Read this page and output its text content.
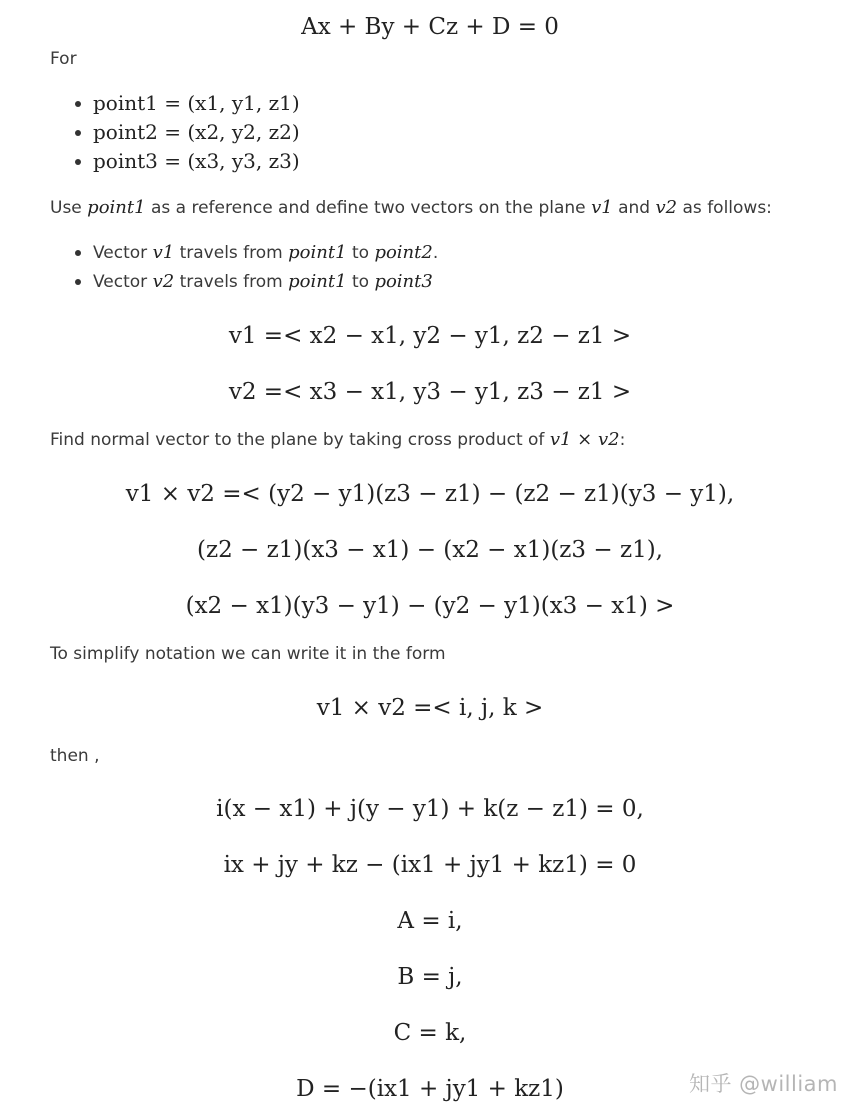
Ax + By + Cz + D = 0
For
point1 = (x1, y1, z1)
point2 = (x2, y2, z2)
point3 = (x3, y3, z3)
Use point1 as a reference and define two vectors on the plane v1 and v2 as follows:
Vector v1 travels from point1 to point2.
Vector v2 travels from point1 to point3
v1 =< x2 − x1, y2 − y1, z2 − z1 >
v2 =< x3 − x1, y3 − y1, z3 − z1 >
Find normal vector to the plane by taking cross product of v1 × v2:
v1 × v2 =< (y2 − y1)(z3 − z1) − (z2 − z1)(y3 − y1),
(z2 − z1)(x3 − x1) − (x2 − x1)(z3 − z1),
(x2 − x1)(y3 − y1) − (y2 − y1)(x3 − x1) >
To simplify notation we can write it in the form
v1 × v2 =< i, j, k >
then ,
i(x − x1) + j(y − y1) + k(z − z1) = 0,
ix + jy + kz − (ix1 + jy1 + kz1) = 0
A = i,
B = j,
C = k,
D = −(ix1 + jy1 + kz1)	知乎 @william
